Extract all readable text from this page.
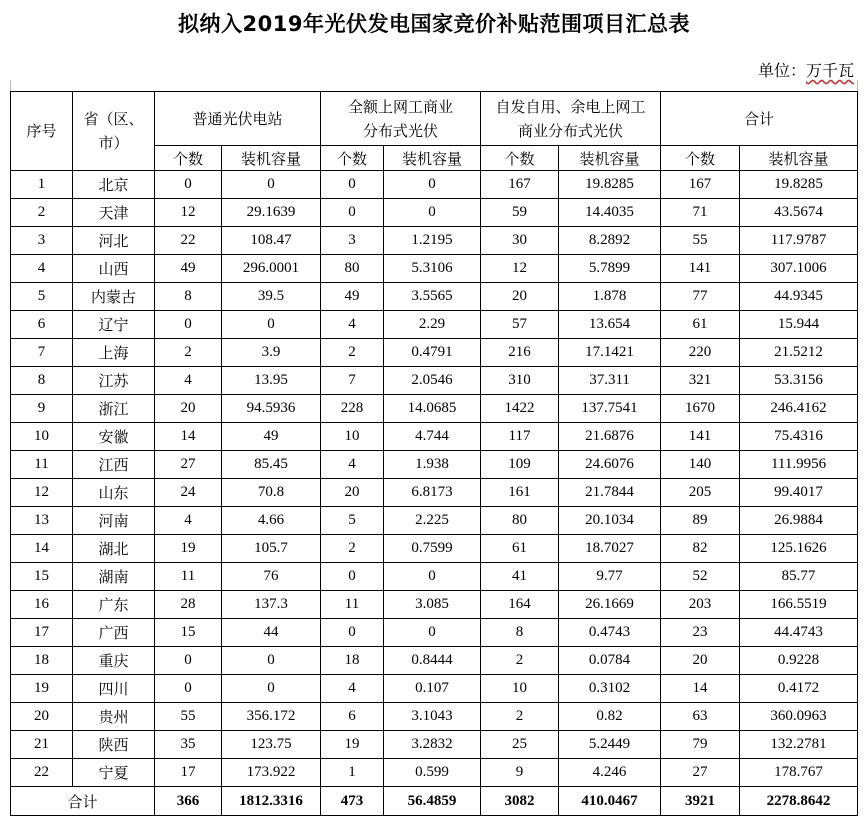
拟纳入2019年光伏发电国家竞价补贴范围项目汇总表
单位：万千瓦
序号	省（区、市）	普通光伏电站		全额上网工商业分布式光伏		自发自用、余电上网工商业分布式光伏		合计	
		个数	装机容量	个数	装机容量	个数	装机容量	个数	装机容量
1	北京	0	0	0	0	167	19.8285	167	19.8285
2	天津	12	29.1639	0	0	59	14.4035	71	43.5674
3	河北	22	108.47	3	1.2195	30	8.2892	55	117.9787
4	山西	49	296.0001	80	5.3106	12	5.7899	141	307.1006
5	内蒙古	8	39.5	49	3.5565	20	1.878	77	44.9345
6	辽宁	0	0	4	2.29	57	13.654	61	15.944
7	上海	2	3.9	2	0.4791	216	17.1421	220	21.5212
8	江苏	4	13.95	7	2.0546	310	37.311	321	53.3156
9	浙江	20	94.5936	228	14.0685	1422	137.7541	1670	246.4162
10	安徽	14	49	10	4.744	117	21.6876	141	75.4316
11	江西	27	85.45	4	1.938	109	24.6076	140	111.9956
12	山东	24	70.8	20	6.8173	161	21.7844	205	99.4017
13	河南	4	4.66	5	2.225	80	20.1034	89	26.9884
14	湖北	19	105.7	2	0.7599	61	18.7027	82	125.1626
15	湖南	11	76	0	0	41	9.77	52	85.77
16	广东	28	137.3	11	3.085	164	26.1669	203	166.5519
17	广西	15	44	0	0	8	0.4743	23	44.4743
18	重庆	0	0	18	0.8444	2	0.0784	20	0.9228
19	四川	0	0	4	0.107	10	0.3102	14	0.4172
20	贵州	55	356.172	6	3.1043	2	0.82	63	360.0963
21	陕西	35	123.75	19	3.2832	25	5.2449	79	132.2781
22	宁夏	17	173.922	1	0.599	9	4.246	27	178.767
合计		366	1812.3316	473	56.4859	3082	410.0467	3921	2278.8642
